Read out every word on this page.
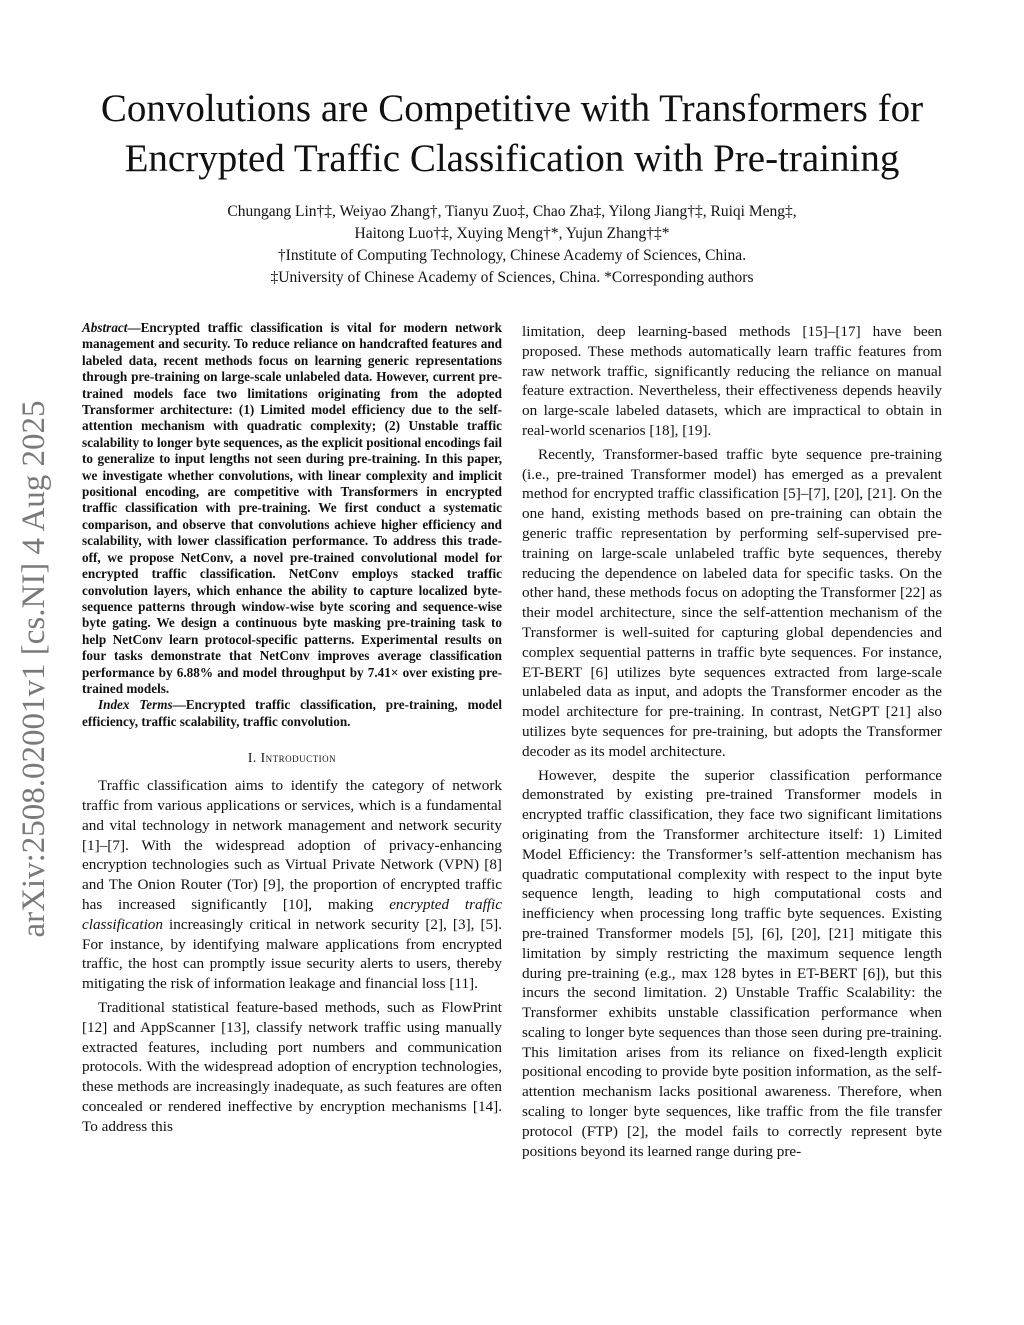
arXiv:2508.02001v1 [cs.NI] 4 Aug 2025
Convolutions are Competitive with Transformers for Encrypted Traffic Classification with Pre-training

Chungang Lin†‡, Weiyao Zhang†, Tianyu Zuo‡, Chao Zha‡, Yilong Jiang†‡, Ruiqi Meng‡,

Haitong Luo†‡, Xuying Meng†*, Yujun Zhang†‡*

†Institute of Computing Technology, Chinese Academy of Sciences, China.

‡University of Chinese Academy of Sciences, China. *Corresponding authors

Abstract—Encrypted traffic classification is vital for modern network management and security. To reduce reliance on handcrafted features and labeled data, recent methods focus on learning generic representations through pre-training on large-scale unlabeled data. However, current pre-trained models face two limitations originating from the adopted Transformer architecture: (1) Limited model efficiency due to the self-attention mechanism with quadratic complexity; (2) Unstable traffic scalability to longer byte sequences, as the explicit positional encodings fail to generalize to input lengths not seen during pre-training. In this paper, we investigate whether convolutions, with linear complexity and implicit positional encoding, are competitive with Transformers in encrypted traffic classification with pre-training. We first conduct a systematic comparison, and observe that convolutions achieve higher efficiency and scalability, with lower classification performance. To address this trade-off, we propose NetConv, a novel pre-trained convolutional model for encrypted traffic classification. NetConv employs stacked traffic convolution layers, which enhance the ability to capture localized byte-sequence patterns through window-wise byte scoring and sequence-wise byte gating. We design a continuous byte masking pre-training task to help NetConv learn protocol-specific patterns. Experimental results on four tasks demonstrate that NetConv improves average classification performance by 6.88% and model throughput by 7.41× over existing pre-trained models.

Index Terms—Encrypted traffic classification, pre-training, model efficiency, traffic scalability, traffic convolution.

I. Introduction

Traffic classification aims to identify the category of network traffic from various applications or services, which is a fundamental and vital technology in network management and network security [1]–[7]. With the widespread adoption of privacy-enhancing encryption technologies such as Virtual Private Network (VPN) [8] and The Onion Router (Tor) [9], the proportion of encrypted traffic has increased significantly [10], making encrypted traffic classification increasingly critical in network security [2], [3], [5]. For instance, by identifying malware applications from encrypted traffic, the host can promptly issue security alerts to users, thereby mitigating the risk of information leakage and financial loss [11].

Traditional statistical feature-based methods, such as FlowPrint [12] and AppScanner [13], classify network traffic using manually extracted features, including port numbers and communication protocols. With the widespread adoption of encryption technologies, these methods are increasingly inadequate, as such features are often concealed or rendered ineffective by encryption mechanisms [14]. To address this

limitation, deep learning-based methods [15]–[17] have been proposed. These methods automatically learn traffic features from raw network traffic, significantly reducing the reliance on manual feature extraction. Nevertheless, their effectiveness depends heavily on large-scale labeled datasets, which are impractical to obtain in real-world scenarios [18], [19].

Recently, Transformer-based traffic byte sequence pre-training (i.e., pre-trained Transformer model) has emerged as a prevalent method for encrypted traffic classification [5]–[7], [20], [21]. On the one hand, existing methods based on pre-training can obtain the generic traffic representation by performing self-supervised pre-training on large-scale unlabeled traffic byte sequences, thereby reducing the dependence on labeled data for specific tasks. On the other hand, these methods focus on adopting the Transformer [22] as their model architecture, since the self-attention mechanism of the Transformer is well-suited for capturing global dependencies and complex sequential patterns in traffic byte sequences. For instance, ET-BERT [6] utilizes byte sequences extracted from large-scale unlabeled data as input, and adopts the Transformer encoder as the model architecture for pre-training. In contrast, NetGPT [21] also utilizes byte sequences for pre-training, but adopts the Transformer decoder as its model architecture.

However, despite the superior classification performance demonstrated by existing pre-trained Transformer models in encrypted traffic classification, they face two significant limitations originating from the Transformer architecture itself: 1) Limited Model Efficiency: the Transformer’s self-attention mechanism has quadratic computational complexity with respect to the input byte sequence length, leading to high computational costs and inefficiency when processing long traffic byte sequences. Existing pre-trained Transformer models [5], [6], [20], [21] mitigate this limitation by simply restricting the maximum sequence length during pre-training (e.g., max 128 bytes in ET-BERT [6]), but this incurs the second limitation. 2) Unstable Traffic Scalability: the Transformer exhibits unstable classification performance when scaling to longer byte sequences than those seen during pre-training. This limitation arises from its reliance on fixed-length explicit positional encoding to provide byte position information, as the self-attention mechanism lacks positional awareness. Therefore, when scaling to longer byte sequences, like traffic from the file transfer protocol (FTP) [2], the model fails to correctly represent byte positions beyond its learned range during pre-
